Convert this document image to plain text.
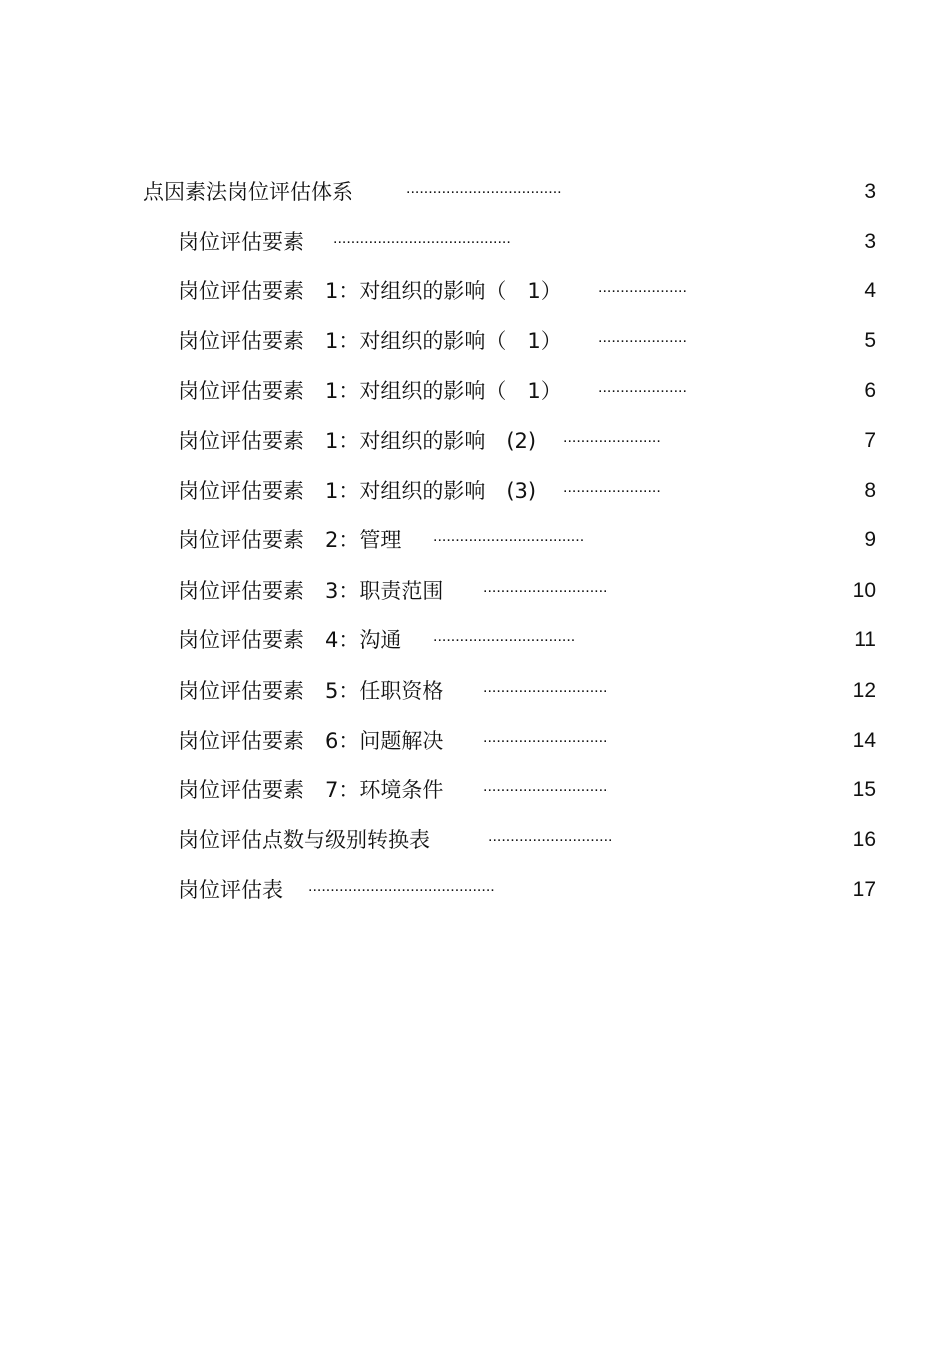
点因素法岗位评估体系	...................................	3
岗位评估要素 ........................................	3
岗位评估要素　1：对组织的影响（　1） ....................	4
岗位评估要素　1：对组织的影响（　1） ....................	5
岗位评估要素　1：对组织的影响（　1） ....................	6
岗位评估要素　1：对组织的影响　(2) ......................	7
岗位评估要素　1：对组织的影响　(3) ......................	8
岗位评估要素　2：管理 ..................................	9
岗位评估要素　3：职责范围 ............................	10
岗位评估要素　4：沟通 ................................	11
岗位评估要素　5：任职资格 ............................	12
岗位评估要素　6：问题解决 ............................	14
岗位评估要素　7：环境条件 ............................	15
岗位评估点数与级别转换表	............................	16
岗位评估表 ..........................................	17
